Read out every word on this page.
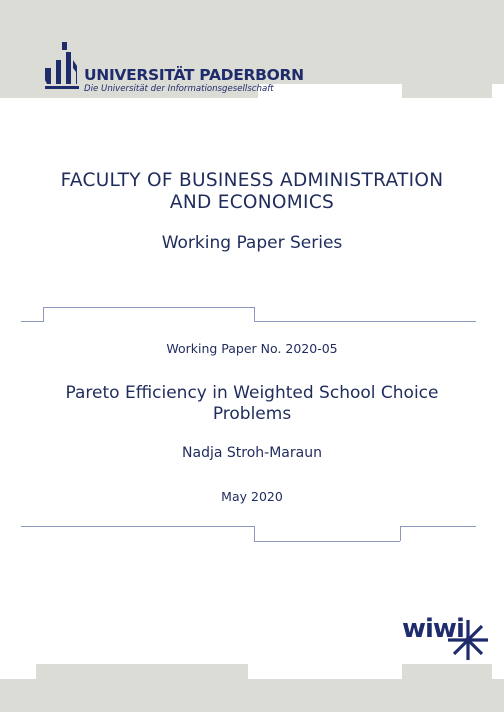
UNIVERSITÄT PADERBORN
Die Universität der Informationsgesellschaft
FACULTY OF BUSINESS ADMINISTRATION
AND ECONOMICS
Working Paper Series
Working Paper No. 2020-05
Pareto Efficiency in Weighted School Choice
Problems
Nadja Stroh-Maraun
May 2020
wiwi
